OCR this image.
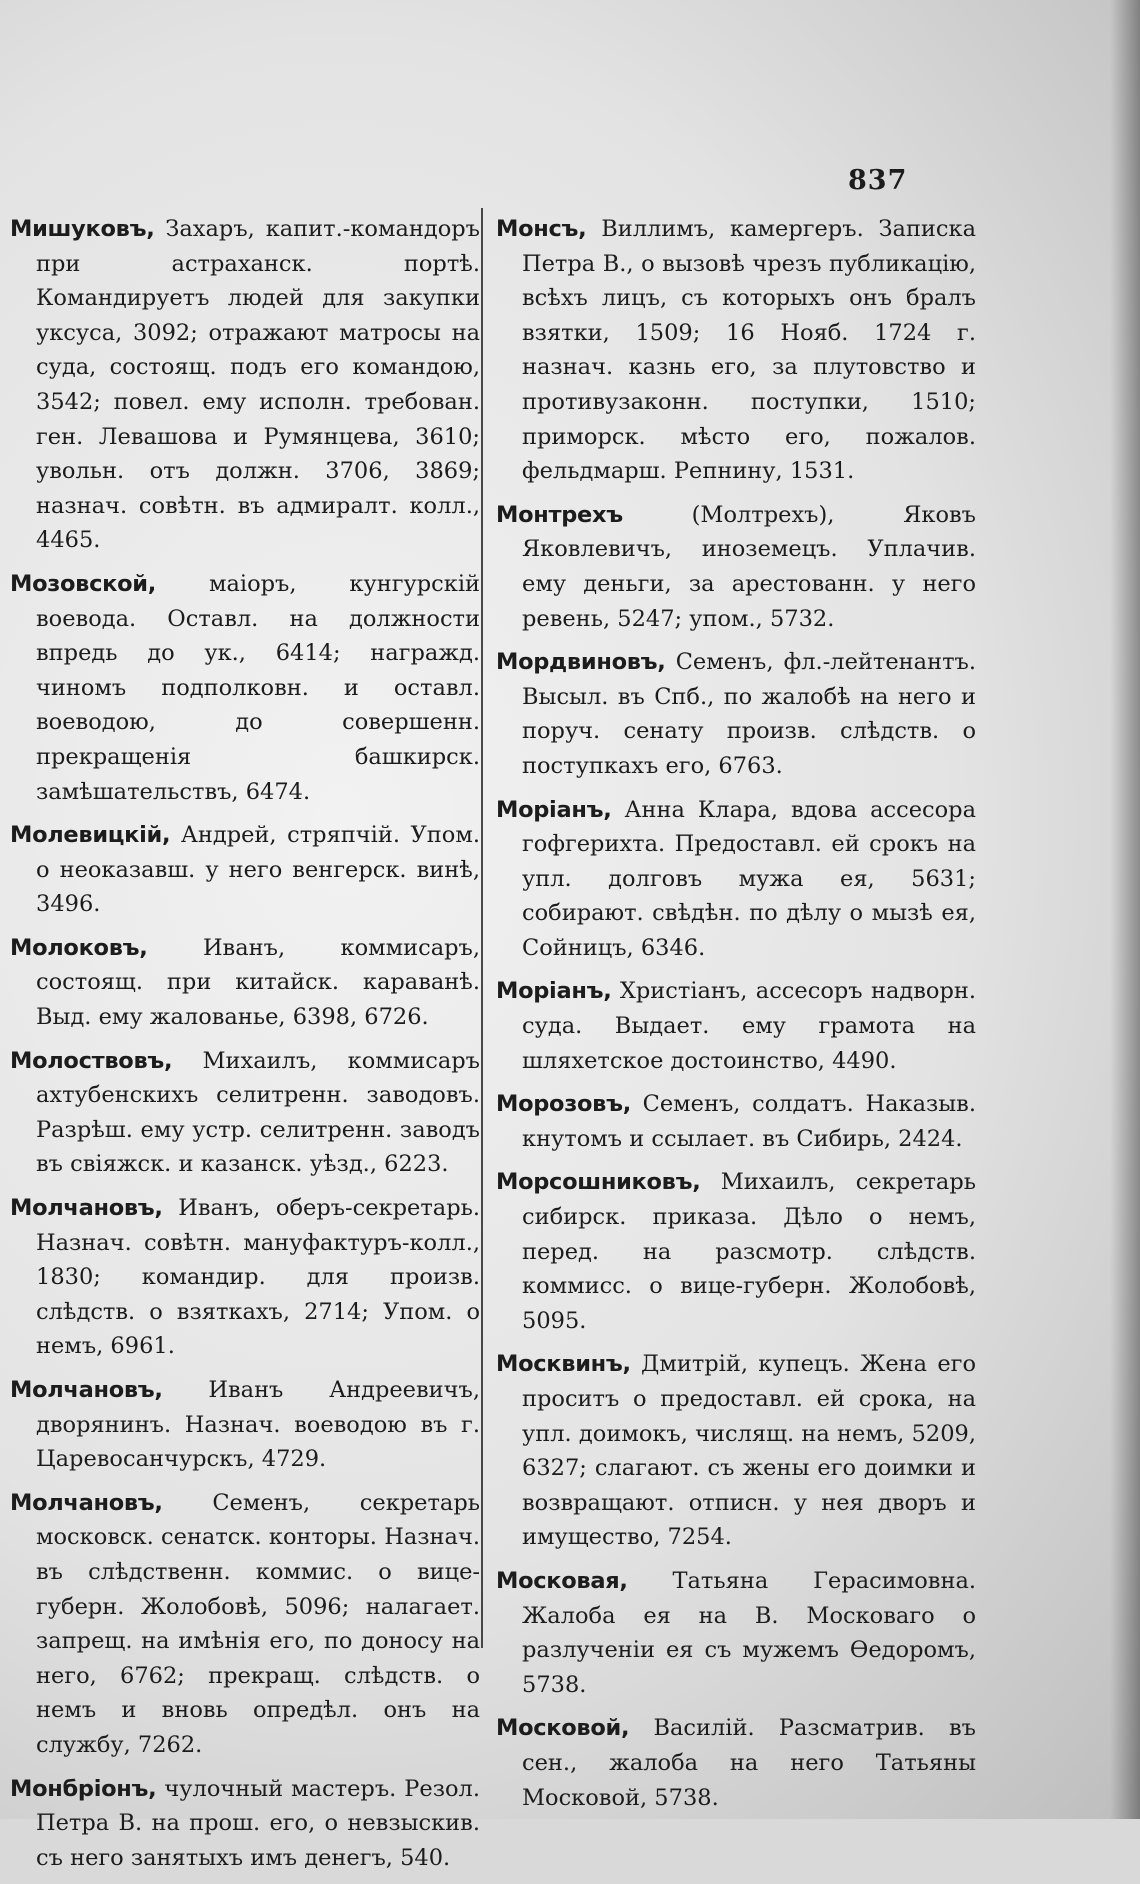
837

Мишуковъ, Захаръ, капит.-командоръ при астраханск. портѣ. Командируетъ людей для закупки уксуса, 3092; отражают матросы на суда, состоящ. подъ его командою, 3542; повел. ему исполн. требован. ген. Левашова и Румянцева, 3610; увольн. отъ должн. 3706, 3869; назнач. совѣтн. въ адмиралт. колл., 4465.

Мозовской, маіоръ, кунгурскій воевода. Оставл. на должности впредь до ук., 6414; награжд. чиномъ подполковн. и оставл. воеводою, до совершенн. прекращенія башкирск. замѣшательствъ, 6474.

Молевицкій, Андрей, стряпчій. Упом. о неоказавш. у него венгерск. винѣ, 3496.

Молоковъ, Иванъ, коммисаръ, состоящ. при китайск. караванѣ. Выд. ему жалованье, 6398, 6726.

Молоствовъ, Михаилъ, коммисаръ ахтубенскихъ селитренн. заводовъ. Разрѣш. ему устр. селитренн. заводъ въ свіяжск. и казанск. уѣзд., 6223.

Молчановъ, Иванъ, оберъ-секретарь. Назнач. совѣтн. мануфактуръ-колл., 1830; командир. для произв. слѣдств. о взяткахъ, 2714; Упом. о немъ, 6961.

Молчановъ, Иванъ Андреевичъ, дворянинъ. Назнач. воеводою въ г. Царевосанчурскъ, 4729.

Молчановъ, Семенъ, секретарь московск. сенатск. конторы. Назнач. въ слѣдственн. коммис. о вице-губерн. Жолобовѣ, 5096; налагает. запрещ. на имѣнія его, по доносу на него, 6762; прекращ. слѣдств. о немъ и вновь опредѣл. онъ на службу, 7262.

Монбріонъ, чулочный мастеръ. Резол. Петра В. на прош. его, о невзыскив. съ него занятыхъ имъ денегъ, 540.

Монсъ, Виллимъ, камергеръ. Записка Петра В., о вызовѣ чрезъ публикацію, всѣхъ лицъ, съ которыхъ онъ бралъ взятки, 1509; 16 Нояб. 1724 г. назнач. казнь его, за плутовство и противузаконн. поступки, 1510; приморск. мѣсто его, пожалов. фельдмарш. Репнину, 1531.

Монтрехъ	(Молтрехъ), Яковъ Яковлевичъ, иноземецъ. Уплачив. ему деньги, за арестованн. у него ревень, 5247; упом., 5732.

Мордвиновъ, Семенъ, фл.-лейтенантъ. Высыл. въ Спб., по жалобѣ на него и поруч. сенату произв. слѣдств. о поступкахъ его, 6763.

Моріанъ, Анна Клара, вдова ассесора гофгерихта. Предоставл. ей срокъ на упл. долговъ мужа ея, 5631; собирают. свѣдѣн. по дѣлу о мызѣ ея, Сойницъ, 6346.

Моріанъ, Христіанъ, ассесоръ надворн. суда. Выдает. ему грамота на шляхетское достоинство, 4490.

Морозовъ, Семенъ, солдатъ. Наказыв. кнутомъ и ссылает. въ Сибирь, 2424.

Морсошниковъ, Михаилъ, секретарь сибирск. приказа. Дѣло о немъ, перед. на разсмотр. слѣдств. коммисс. о вице-губерн. Жолобовѣ, 5095.

Москвинъ, Дмитрій, купецъ. Жена его проситъ о предоставл. ей срока, на упл. доимокъ, числящ. на немъ, 5209, 6327; слагают. съ жены его доимки и возвращают. отписн. у нея дворъ и имущество, 7254.

Московая, Татьяна Герасимовна. Жалоба ея на В. Московаго о разлученіи ея съ мужемъ Ѳедоромъ, 5738.

Московой, Василій. Разсматрив. въ сен., жалоба на него Татьяны Московой, 5738.
